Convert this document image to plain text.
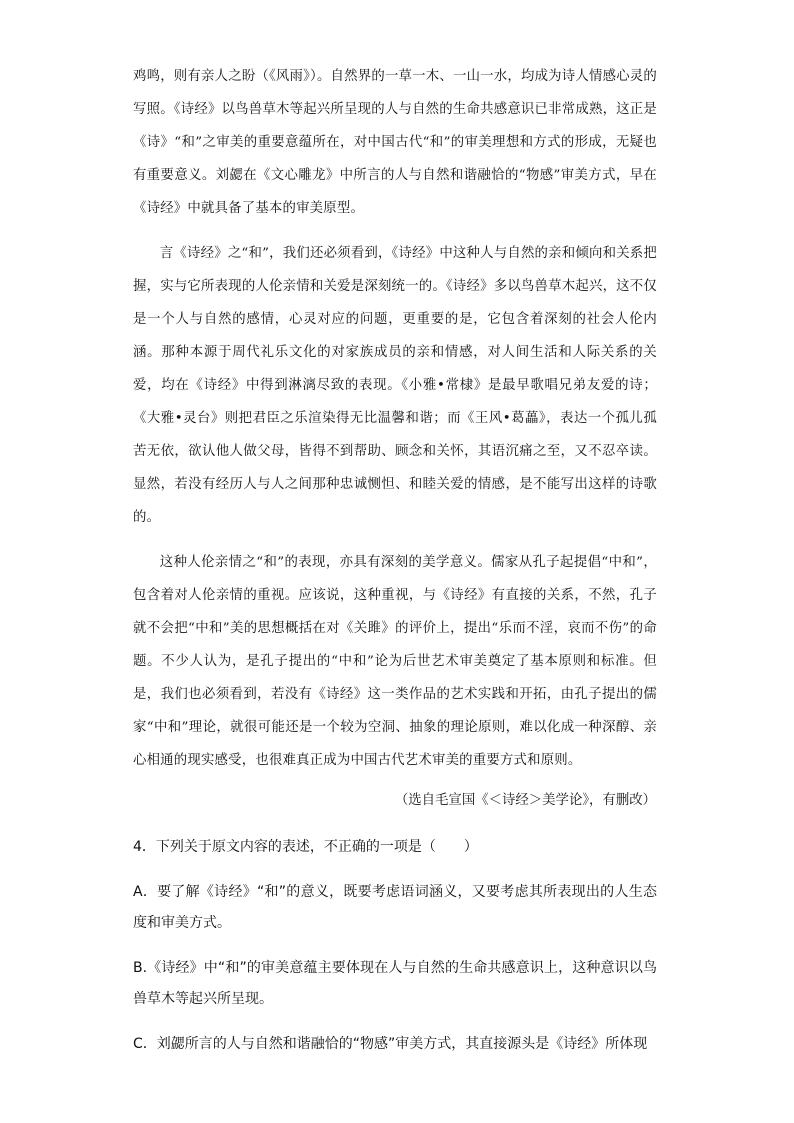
鸡鸣，则有亲人之盼（《风雨》）。自然界的一草一木、一山一水，均成为诗人情感心灵的写照。《诗经》以鸟兽草木等起兴所呈现的人与自然的生命共感意识已非常成熟，这正是《诗》“和”之审美的重要意蕴所在，对中国古代“和”的审美理想和方式的形成，无疑也有重要意义。刘勰在《文心雕龙》中所言的人与自然和谐融恰的“物感”审美方式，早在《诗经》中就具备了基本的审美原型。

言《诗经》之“和”，我们还必须看到，《诗经》中这种人与自然的亲和倾向和关系把握，实与它所表现的人伦亲情和关爱是深刻统一的。《诗经》多以鸟兽草木起兴，这不仅是一个人与自然的感情，心灵对应的问题，更重要的是，它包含着深刻的社会人伦内涵。那种本源于周代礼乐文化的对家族成员的亲和情感，对人间生活和人际关系的关爱，均在《诗经》中得到淋漓尽致的表现。《小雅•常棣》是最早歌唱兄弟友爱的诗；《大雅•灵台》则把君臣之乐渲染得无比温馨和谐；而《王风•葛藟》，表达一个孤儿孤苦无依，欲认他人做父母，皆得不到帮助、顾念和关怀，其语沉痛之至，又不忍卒读。显然，若没有经历人与人之间那种忠诚恻怛、和睦关爱的情感，是不能写出这样的诗歌的。

这种人伦亲情之“和”的表现，亦具有深刻的美学意义。儒家从孔子起提倡“中和”，包含着对人伦亲情的重视。应该说，这种重视，与《诗经》有直接的关系，不然，孔子就不会把“中和”美的思想概括在对《关雎》的评价上，提出“乐而不淫，哀而不伤”的命题。不少人认为，是孔子提出的“中和”论为后世艺术审美奠定了基本原则和标准。但是，我们也必须看到，若没有《诗经》这一类作品的艺术实践和开拓，由孔子提出的儒家“中和”理论，就很可能还是一个较为空洞、抽象的理论原则，难以化成一种深醇、亲心相通的现实感受，也很难真正成为中国古代艺术审美的重要方式和原则。

（选自毛宣国《＜诗经＞美学论》，有删改）
4．下列关于原文内容的表述，不正确的一项是（　　）
A．要了解《诗经》“和”的意义，既要考虑语词涵义，又要考虑其所表现出的人生态度和审美方式。
B.《诗经》中“和”的审美意蕴主要体现在人与自然的生命共感意识上，这种意识以鸟兽草木等起兴所呈现。
C．刘勰所言的人与自然和谐融恰的“物感”审美方式，其直接源头是《诗经》所体现
